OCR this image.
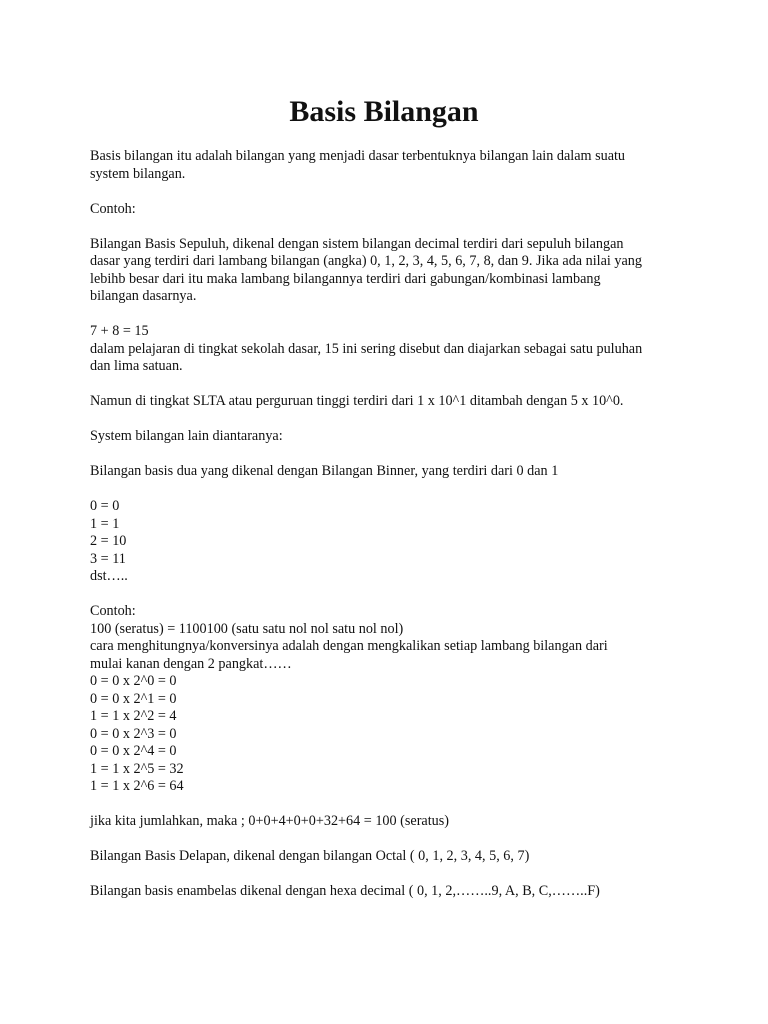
Basis Bilangan

Basis bilangan itu adalah bilangan yang menjadi dasar terbentuknya bilangan lain dalam suatu
system bilangan.

Contoh:

Bilangan Basis Sepuluh, dikenal dengan sistem bilangan decimal terdiri dari sepuluh bilangan
dasar yang terdiri dari lambang bilangan (angka) 0, 1, 2, 3, 4, 5, 6, 7, 8, dan 9. Jika ada nilai yang
lebihb besar dari itu maka lambang bilangannya terdiri dari gabungan/kombinasi lambang
bilangan dasarnya.

7 + 8 = 15
dalam pelajaran di tingkat sekolah dasar, 15 ini sering disebut dan diajarkan sebagai satu puluhan
dan lima satuan.

Namun di tingkat SLTA atau perguruan tinggi terdiri dari 1 x 10^1 ditambah dengan 5 x 10^0.

System bilangan lain diantaranya:

Bilangan basis dua yang dikenal dengan Bilangan Binner, yang terdiri dari 0 dan 1

0 = 0
1 = 1
2 = 10
3 = 11
dst…..

Contoh:
100 (seratus) = 1100100 (satu satu nol nol satu nol nol)
cara menghitungnya/konversinya adalah dengan mengkalikan setiap lambang bilangan dari
mulai kanan dengan 2 pangkat……
0 = 0 x 2^0 = 0
0 = 0 x 2^1 = 0
1 = 1 x 2^2 = 4
0 = 0 x 2^3 = 0
0 = 0 x 2^4 = 0
1 = 1 x 2^5 = 32
1 = 1 x 2^6 = 64

jika kita jumlahkan, maka ; 0+0+4+0+0+32+64 = 100 (seratus)

Bilangan Basis Delapan, dikenal dengan bilangan Octal ( 0, 1, 2, 3, 4, 5, 6, 7)

Bilangan basis enambelas dikenal dengan hexa decimal ( 0, 1, 2,……..9, A, B, C,……..F)
